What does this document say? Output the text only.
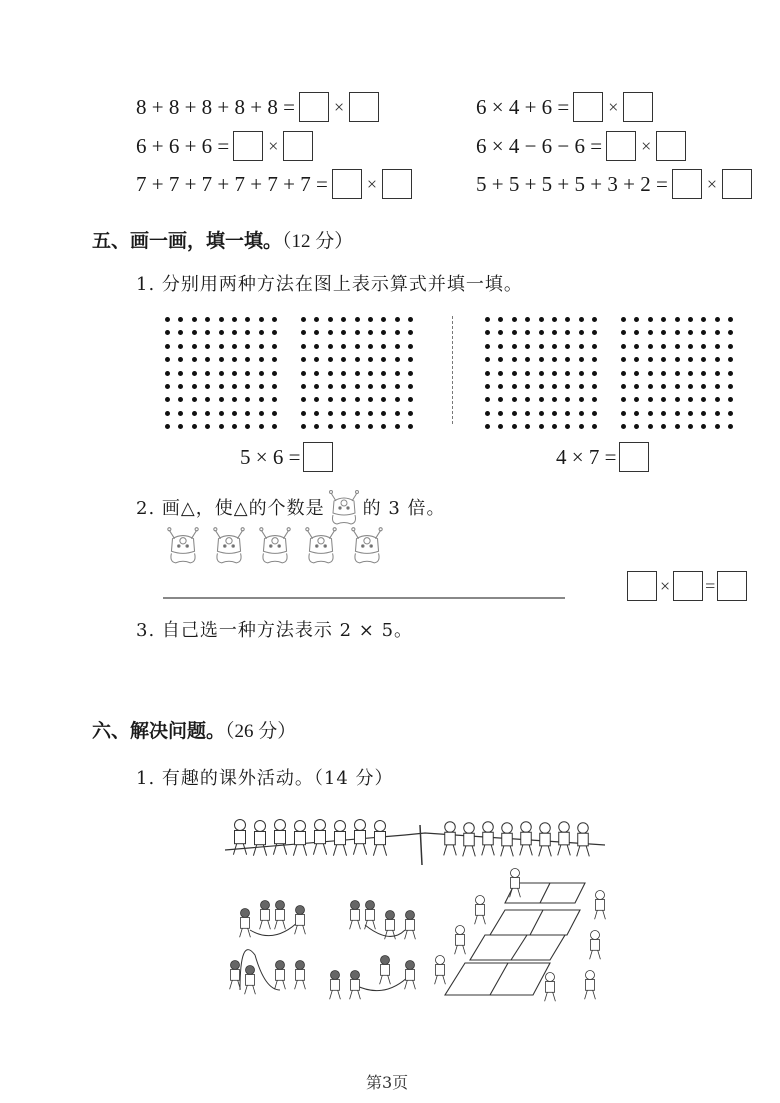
8 + 8 + 8 + 8 + 8 = ×
6 + 6 + 6 = ×
7 + 7 + 7 + 7 + 7 + 7 = ×
6 × 4 + 6 = ×
6 × 4 − 6 − 6 = ×
5 + 5 + 5 + 5 + 3 + 2 = ×
五、画一画，填一填。（12 分）
1. 分别用两种方法在图上表示算式并填一填。
5 × 6 =	4 × 7 =
2. 画△，使△的个数是 的 3 倍。
× =
3. 自己选一种方法表示 2 × 5。
六、解决问题。（26 分）
1. 有趣的课外活动。（14 分）
第3页
